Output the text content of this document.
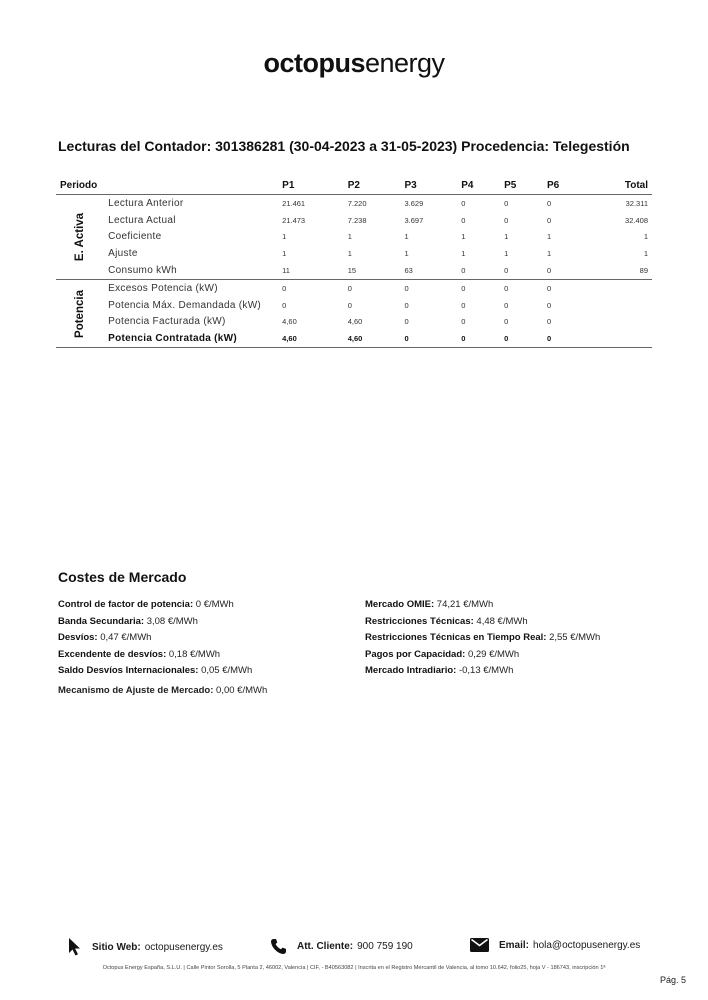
octopusenergy
Lecturas del Contador: 301386281 (30-04-2023 a 31-05-2023) Procedencia: Telegestión
Periodo		P1	P2	P3	P4	P5	P6	Total
E. Activa	Lectura Anterior	21.461	7.220	3.629	0	0	0	32.311
	Lectura Actual	21.473	7.238	3.697	0	0	0	32.408
	Coeficiente	1	1	1	1	1	1	1
	Ajuste	1	1	1	1	1	1	1
	Consumo kWh	11	15	63	0	0	0	89
Potencia	Excesos Potencia (kW)	0	0	0	0	0	0	
	Potencia Máx. Demandada (kW)	0	0	0	0	0	0	
	Potencia Facturada (kW)	4,60	4,60	0	0	0	0	
	Potencia Contratada (kW)	4,60	4,60	0	0	0	0	
Costes de Mercado
Control de factor de potencia: 0 €/MWh
Banda Secundaria: 3,08 €/MWh
Desvíos: 0,47 €/MWh
Excendente de desvíos: 0,18 €/MWh
Saldo Desvíos Internacionales: 0,05 €/MWh
Mercado OMIE: 74,21 €/MWh
Restricciones Técnicas: 4,48 €/MWh
Restricciones Técnicas en Tiempo Real: 2,55 €/MWh
Pagos por Capacidad: 0,29 €/MWh
Mercado Intradiario: -0,13 €/MWh
Mecanismo de Ajuste de Mercado: 0,00 €/MWh
Sitio Web: octopusenergy.es	Att. Cliente: 900 759 190	Email: hola@octopusenergy.es
Octopus Energy España, S.L.U. | Calle Pintor Sorolla, 5 Planta 2, 46002, Valencia | CIF, - B40563082 | Inscrita en el Registro Mercantil de Valencia, al tomo 10.642, folio25, hoja V - 186743, inscripción 1ª
Pág. 5
